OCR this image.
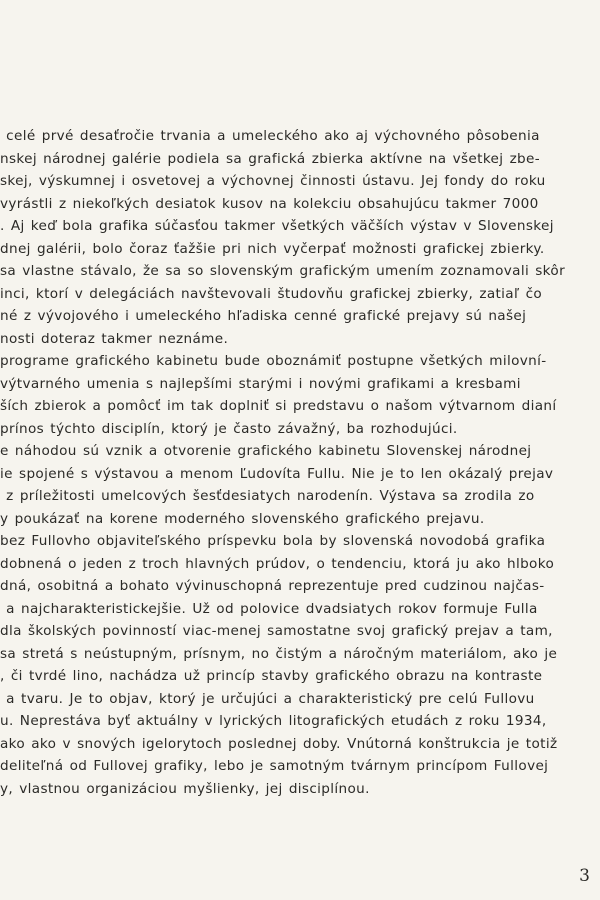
celé prvé desaťročie trvania a umeleckého ako aj výchovného pôsobenia
nskej národnej galérie podiela sa grafická zbierka aktívne na všetkej zbe-
skej, výskumnej i osvetovej a výchovnej činnosti ústavu. Jej fondy do roku
vyrástli z niekoľkých desiatok kusov na kolekciu obsahujúcu takmer 7000
. Aj keď bola grafika súčasťou takmer všetkých väčších výstav v Slovenskej
dnej galérii, bolo čoraz ťažšie pri nich vyčerpať možnosti grafickej zbierky.
sa vlastne stávalo, že sa so slovenským grafickým umením zoznamovali skôr
inci, ktorí v delegáciách navštevovali študovňu grafickej zbierky, zatiaľ čo
né z vývojového i umeleckého hľadiska cenné grafické prejavy sú našej
nosti doteraz takmer neznáme.
programe grafického kabinetu bude oboznámiť postupne všetkých milovní-
výtvarného umenia s najlepšími starými i novými grafikami a kresbami
ších zbierok a pomôcť im tak doplniť si predstavu o našom výtvarnom dianí
prínos týchto disciplín, ktorý je často závažný, ba rozhodujúci.
e náhodou sú vznik a otvorenie grafického kabinetu Slovenskej národnej
ie spojené s výstavou a menom Ľudovíta Fullu. Nie je to len okázalý prejav
z príležitosti umelcových šesťdesiatych narodenín. Výstava sa zrodila zo
y poukázať na korene moderného slovenského grafického prejavu.
bez Fullovho objaviteľského príspevku bola by slovenská novodobá grafika
dobnená o jeden z troch hlavných prúdov, o tendenciu, ktorá ju ako hlboko
dná, osobitná a bohato vývinuschopná reprezentuje pred cudzinou najčas-
a najcharakteristickejšie. Už od polovice dvadsiatych rokov formuje Fulla
dla školských povinností viac-menej samostatne svoj grafický prejav a tam,
sa stretá s neústupným, prísnym, no čistým a náročným materiálom, ako je
, či tvrdé lino, nachádza už princíp stavby grafického obrazu na kontraste
a tvaru. Je to objav, ktorý je určujúci a charakteristický pre celú Fullovu
u. Neprestáva byť aktuálny v lyrických litografických etudách z roku 1934,
ako ako v snových igelorytoch poslednej doby. Vnútorná konštrukcia je totiž
deliteľná od Fullovej grafiky, lebo je samotným tvárnym princípom Fullovej
y, vlastnou organizáciou myšlienky, jej disciplínou.
3
